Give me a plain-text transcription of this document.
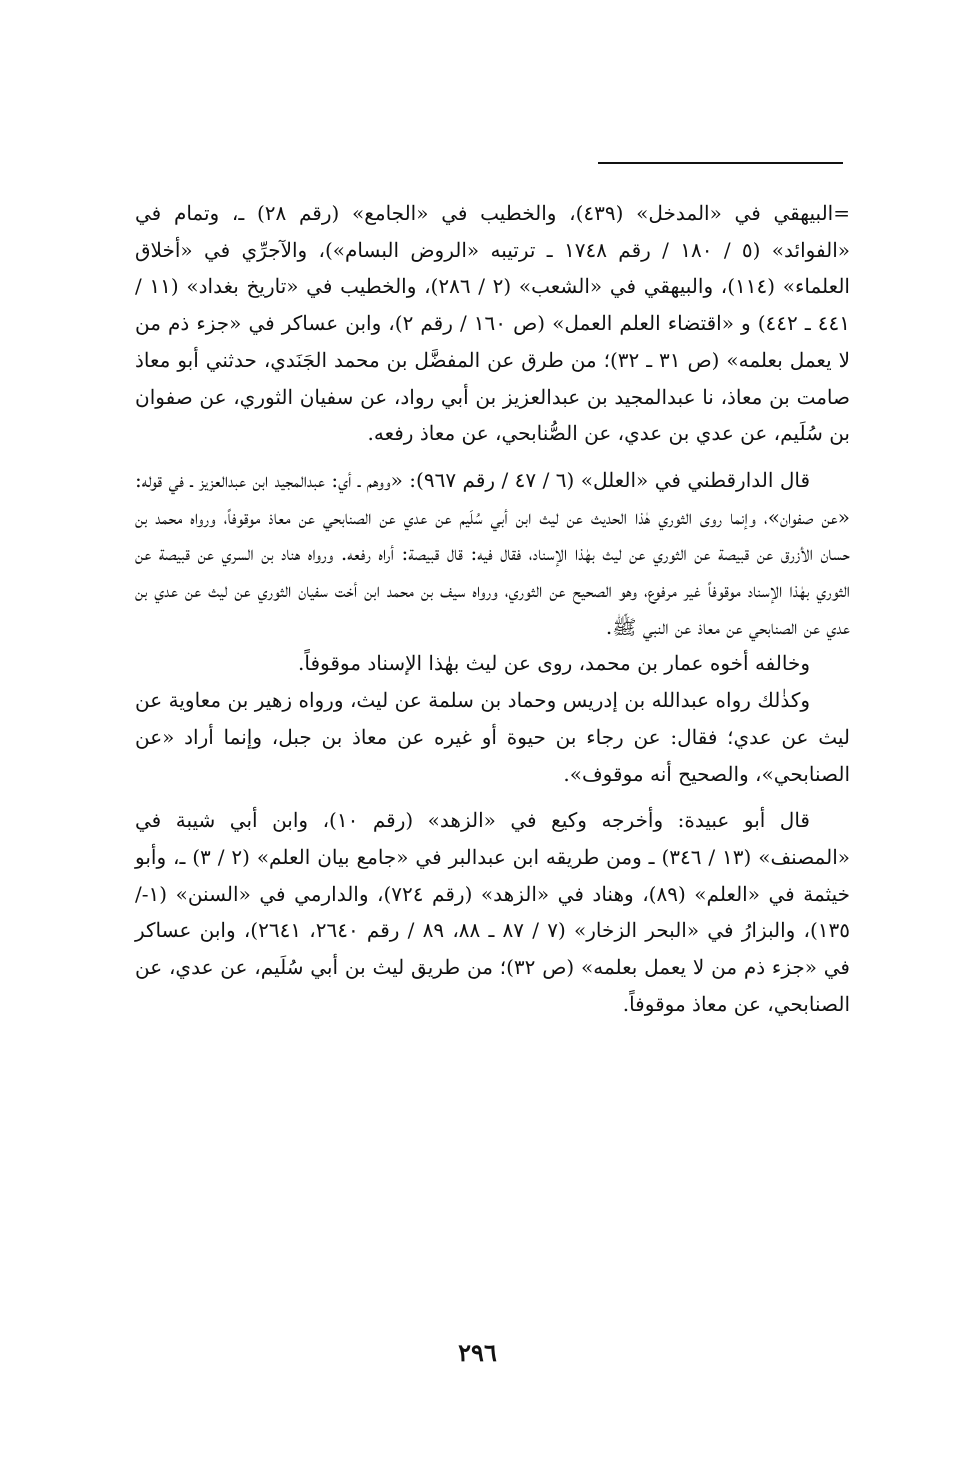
=البيهقي في «المدخل» (٤٣٩)، والخطيب في «الجامع» (رقم ٢٨) ـ، وتمام في «الفوائد» (٥ / ١٨٠ / رقم ١٧٤٨ ـ ترتيبه «الروض البسام»)، والآجرِّي في «أخلاق العلماء» (١١٤)، والبيهقي في «الشعب» (٢ / ٢٨٦)، والخطيب في «تاريخ بغداد» (١١ / ٤٤١ ـ ٤٤٢) و «اقتضاء العلم العمل» (ص ١٦٠ / رقم ٢)، وابن عساكر في «جزء ذم من لا يعمل بعلمه» (ص ٣١ ـ ٣٢)؛ من طرق عن المفضَّل بن محمد الجَنَدي، حدثني أبو معاذ صامت بن معاذ، نا عبدالمجيد بن عبدالعزيز بن أبي رواد، عن سفيان الثوري، عن صفوان بن سُلَيم، عن عدي بن عدي، عن الصُّنابحي، عن معاذ رفعه.

قال الدارقطني في «العلل» (٦ / ٤٧ / رقم ٩٦٧): «ووهم ـ أي: عبدالمجيد ابن عبدالعزيز ـ في قوله: «عن صفوان»، وإنما روى الثوري هٰذا الحديث عن ليث ابن أبي سُلَيم عن عدي عن الصنابحي عن معاذ موقوفاً، ورواه محمد بن حسان الأزرق عن قبيصة عن الثوري عن ليث بهٰذا الإسناد، فقال فيه: قال قبيصة: أراه رفعه. ورواه هناد بن السري عن قبيصة عن الثوري بهٰذا الإسناد موقوفاً غير مرفوع، وهو الصحيح عن الثوري، ورواه سيف بن محمد ابن أخت سفيان الثوري عن ليث عن عدي بن عدي عن الصنابحي عن معاذ عن النبي ﷺ.

وخالفه أخوه عمار بن محمد، روى عن ليث بهٰذا الإسناد موقوفاً.

وكذٰلك رواه عبدالله بن إدريس وحماد بن سلمة عن ليث، ورواه زهير بن معاوية عن ليث عن عدي؛ فقال: عن رجاء بن حيوة أو غيره عن معاذ بن جبل، وإنما أراد «عن الصنابحي»، والصحيح أنه موقوف».

قال أبو عبيدة: وأخرجه وكيع في «الزهد» (رقم ١٠)، وابن أبي شيبة في «المصنف» (١٣ / ٣٤٦) ـ ومن طريقه ابن عبدالبر في «جامع بيان العلم» (٢ / ٣) ـ، وأبو خيثمة في «العلم» (٨٩)، وهناد في «الزهد» (رقم ٧٢٤)، والدارمي في «السنن» (١-/ ١٣٥)، والبزارُ في «البحر الزخار» (٧ / ٨٧ ـ ٨٨، ٨٩ / رقم ٢٦٤٠، ٢٦٤١)، وابن عساكر في «جزء ذم من لا يعمل بعلمه» (ص ٣٢)؛ من طريق ليث بن أبي سُلَيم، عن عدي، عن الصنابحي، عن معاذ موقوفاً.

٢٩٦
